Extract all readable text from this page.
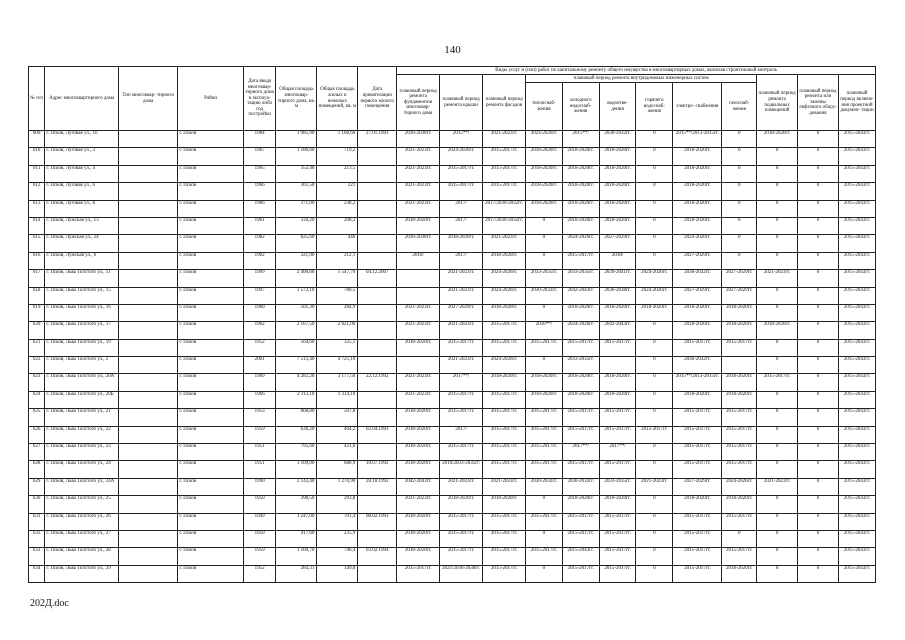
140
№ п/п	Адрес многоквартирного дома	Тип многоквар- тирного дома	Район	Дата ввода многоквар- тирного дома в эксплуа- тацию либо год постройки	Общая площадь многоквар- тирного дома, кв. м	Общая площадь жилых и нежилых помещений, кв. м	Дата приватизации первого жилого помещения	Виды услуг и (или) работ по капитальному ремонту общего имущества в многоквартирных домах, включая строительный контроль											
								плановый период ремонта фундаментов многоквар- тирного дома	плановый период ремонта крыши	плановый период ремонта фасадов	плановый период ремонта внутридомовых инженерных систем						плановый период ремонта подвальных помещений	плановый период ремонта или замены лифтового обору- дования	плановый период включе- ния проектной докумен- тации
											теплоснаб- жения	холодного водоснаб- жения	водоотве- дения	горячего водоснаб- жения	электро- снабжения	газоснаб- жения			
609	г. Псков, Луговая ул., 1б		г. Псков	1984	1 985,90	1 168,60	27.01.1993	2036-2038гг.	2015**/	2021-2023гг.	2024-2026гг.	2015**/	2030-2032гг.	0	2015**/2013-2015гг.	0	2018-2020гг.	0	2015-2043гг.
610	г. Псков, Луговая ул., 3		г. Псков	1967	1 186,60	719,2		2021-2023гг.	2024-2026гг.	2015-2017гг.	2018-2020гг.	2018-2020гг.	2018-2020гг.	0	2018-2020гг.	0	0	0	2015-2043гг.
611	г. Псков, Луговая ул., 4		г. Псков	1965	352,40	213,5		2021-2023гг.	2015-2017гг.	2015-2017гг.	2018-2020гг.	2018-2020гг.	2018-2020гг.	0	2018-2020гг.	0	0	0	2015-2043гг.
612	г. Псков, Луговая ул., 6		г. Псков	1966	361,50	221		2021-2023гг.	2015-2017гг.	2015-2017гг.	2018-2020гг.	2018-2020гг.	2018-2020гг.	0	2018-2020гг.	0	0	0	2015-2043гг.
613	г. Псков, Луговая ул., 8		г. Псков	1966	371,00	238,2		2021-2023гг.	2017/	2017/2030-2032гг.	2018-2020гг.	2018-2020гг.	2018-2020гг.	0	2018-2020гг.	0	0	0	2015-2043гг.
614	г. Псков, Лужская ул., 13		г. Псков	1961	334,20	208,3		2018-2020гг.	2017/	2017/2030-2032гг.	0	2018-2020гг.	2018-2020гг.	0	2018-2020гг.	0	0	0	2015-2043гг.
615	г. Псков, Лужская ул., 24		г. Псков	1982	825,60	446		2036-2038гг.	2018-2020гг.	2021-2023гг.	0	2024-2026гг.	2027-2029гг.	0	2024-2026гг.	0	0	0	2015-2043гг.
616	г. Псков, Лужская ул., 6		г. Псков	1962	321,90	212,1		2018/	2017/	2018-2020гг.	0	2015-2017гг.	2018/	0	2027-2029гг.	0	0	0	2015-2043гг.
617	г. Псков, Льва Толстого ул., 11		г. Псков	1999	2 400,60	1 547,70	04.12.2007		2021-2023гг.	2024-2026гг.	2033-2035гг.	2033-2035гг.	2039-2041гг.	2024-2026гг.	2030-2032гг.	2027-2029гг.	2021-2023гг.	0	2015-2043гг.
618	г. Псков, Льва Толстого ул., 15		г. Псков	1997	1 572,10	780,5			2021-2023гг.	2024-2026гг.	2030-2032гг.	2042-2043гг.	2036-2038гг.	2024-2026гг.	2027-2029гг.	2027-2029гг.	0	0	2015-2043гг.
619	г. Псков, Льва Толстого ул., 16		г. Псков	1960	501,30	284,9		2021-2023гг.	2027-2029гг.	2018-2020гг.	0	2018-2020гг.	2018-2020гг.	2018-2020гг.	2018-2020гг.	2018-2020гг.	0	0	2015-2043гг.
620	г. Псков, Льва Толстого ул., 17		г. Псков	1962	2 167,50	2 021,00		2021-2023гг.	2021-2023гг.	2015-2017гг.	2016**/	2024-2026гг.	2042-2043гг.	0	2018-2020гг.	2018-2020гг.	2018-2020гг.	0	2015-2043гг.
621	г. Псков, Льва Толстого ул., 19		г. Псков	1952	564,60	325,1		2018-2020гг.	2015-2017гг.	2015-2017гг.	2015-2017гг.	2015-2017гг.	2015-2017гг.	0	2015-2017гг.	2015-2017гг.	0	0	2015-2043гг.
622	г. Псков, Льва Толстого ул., 2		г. Псков	2001	7 513,40	4 725,10			2021-2023гг.	2024-2026гг.	0	2033-2035гг.		0	2030-2032гг.		0	0	2015-2043гг.
623	г. Псков, Льва Толстого ул., 20А		г. Псков	1969	4 282,20	3 177,50	22.12.1992	2021-2023гг.	2017**/	2018-2020гг.	2018-2020гг.	2018-2020гг.	2018-2020гг.	0	2015**/2013-2015гг.	2018-2020гг.	2015-2017гг.	0	2015-2043гг.
624	г. Псков, Льва Толстого ул., 20Б		г. Псков	1966	2 113,10	1 314,10		2021-2023гг.	2015-2017гг.	2015-2017гг.	2018-2020гг.	2018-2020гг.	2018-2020гг.	0	2018-2020гг.	2018-2020гг.	0	0	2015-2043гг.
625	г. Псков, Льва Толстого ул., 21		г. Псков	1953	668,80	597,8		2018-2020гг.	2015-2017гг.	2015-2017гг.	2015-2017гг.	2015-2017гг.	2015-2017гг.	0	2015-2017гг.	2015-2017гг.	0	0	2015-2043гг.
626	г. Псков, Льва Толстого ул., 22		г. Псков	1959	636,20	404,2	02.04.1993	2018-2020гг.	2017/	2015-2017гг.	2015-2017гг.	2015-2017гг.	2015-2017гг.	2015-2017гг.	2015-2017гг.	2015-2017гг.	0	0	2015-2043гг.
627	г. Псков, Льва Толстого ул., 23		г. Псков	1951	795,60	421,6		2018-2020гг.	2015-2017гг.	2015-2017гг.	2015-2017гг.	2017**/	2017**/	0	2015-2017гг.	2015-2017гг.	0	0	2015-2043гг.
628	г. Псков, Льва Толстого ул., 24		г. Псков	1951	1 109,00	688,9	10.07.1992	2018-2020гг.	2016/2033-2035гг.	2015-2017гг.	2015-2017гг.	2015-2017гг.	2015-2017гг.	0	2015-2017гг.	2015-2017гг.	0	0	2015-2043гг.
629	г. Псков, Льва Толстого ул., 24А		г. Псков	1990	2 143,40	1 276,90	28.10.1992	2042-2043гг.	2021-2023гг.	2021-2023гг.	2030-2032гг.	2030-2032гг.	2033-2035гг.	2021-2023гг.	2027-2029гг.	2024-2026гг.	2021-2023гг.	0	2015-2043гг.
630	г. Псков, Льва Толстого ул., 25		г. Псков	1950	398,50	293,8		2021-2023гг.	2018-2020гг.	2018-2020гг.	0	2018-2020гг.	2018-2020гг.	0	2018-2020гг.	2018-2020гг.	0	0	2015-2043гг.
631	г. Псков, Льва Толстого ул., 26		г. Псков	1949	1 247,00	701,4	08.02.1993	2018-2020гг.	2015-2017гг.	2015-2017гг.	2015-2017гг.	2015-2017гг.	2015-2017гг.	0	2015-2017гг.	2015-2017гг.	0	0	2015-2043гг.
632	г. Псков, Льва Толстого ул., 27		г. Псков	1950	417,60	235,9		2018-2020гг.	2015-2017гг.	2015-2017гг.	0	2015-2017гг.	2015-2017гг.	0	2015-2017гг.	0	0	0	2015-2043гг.
633	г. Псков, Льва Толстого ул., 28		г. Псков	1959	1 160,70	746,4	03.02.1994	2018-2020гг.	2015-2017гг.	2015-2017гг.	2015-2017гг.	2015-2043гг.	2015-2017гг.	0	2015-2017гг.	2015-2017гг.	0	0	2015-2043гг.
634	г. Псков, Льва Толстого ул., 29		г. Псков	1952	284,31	149,8		2015-2017гг.	2021/2036-2038гг.	2015-2017гг.	0	2015-2017гг.	2015-2017гг.	0	2015-2017гг.	2018-2020гг.	0	0	2015-2043гг.
202Д.doc
